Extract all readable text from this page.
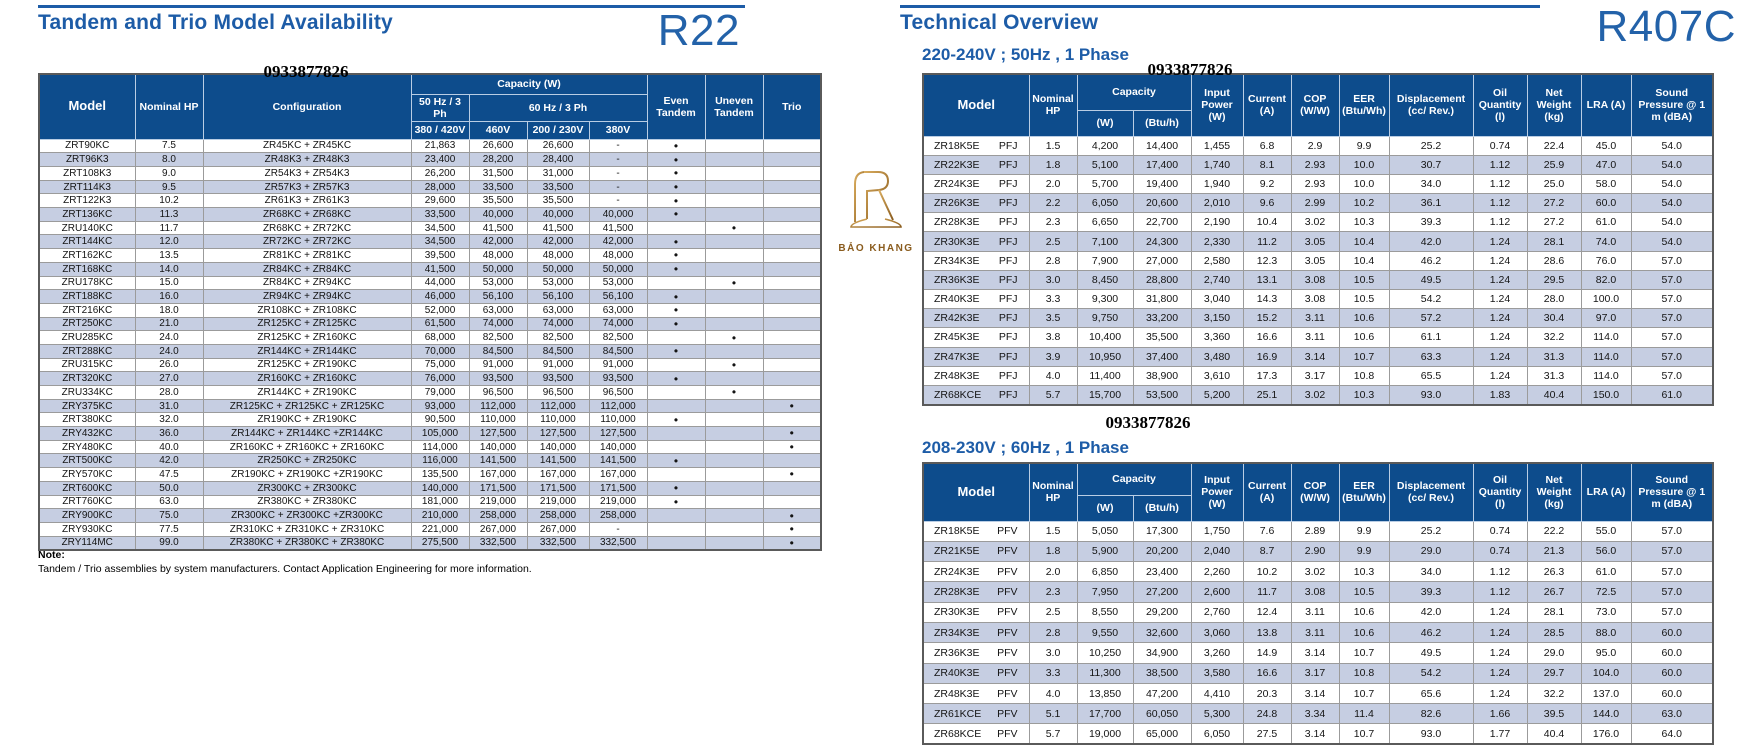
Tandem and Trio Model Availability	R22	Technical Overview	R407C
220-240V ; 50Hz , 1 Phase
208-230V ; 60Hz , 1 Phase
0933877826	0933877826
0933877826
Model	Nominal HP	Configuration	Capacity (W)				Even Tandem	Uneven Tandem	Trio
			50 Hz / 3 Ph	60 Hz / 3 Ph					
			380 / 420V	460V	200 / 230V	380V			
ZRT90KC	7.5	ZR45KC + ZR45KC	21,863	26,600	26,600	-	•		
ZRT96K3	8.0	ZR48K3 + ZR48K3	23,400	28,200	28,400	-	•		
ZRT108K3	9.0	ZR54K3 + ZR54K3	26,200	31,500	31,000	-	•		
ZRT114K3	9.5	ZR57K3 + ZR57K3	28,000	33,500	33,500	-	•		
ZRT122K3	10.2	ZR61K3 + ZR61K3	29,600	35,500	35,500	-	•		
ZRT136KC	11.3	ZR68KC + ZR68KC	33,500	40,000	40,000	40,000	•		
ZRU140KC	11.7	ZR68KC + ZR72KC	34,500	41,500	41,500	41,500		•	
ZRT144KC	12.0	ZR72KC + ZR72KC	34,500	42,000	42,000	42,000	•		
ZRT162KC	13.5	ZR81KC + ZR81KC	39,500	48,000	48,000	48,000	•		
ZRT168KC	14.0	ZR84KC + ZR84KC	41,500	50,000	50,000	50,000	•		
ZRU178KC	15.0	ZR84KC + ZR94KC	44,000	53,000	53,000	53,000		•	
ZRT188KC	16.0	ZR94KC + ZR94KC	46,000	56,100	56,100	56,100	•		
ZRT216KC	18.0	ZR108KC + ZR108KC	52,000	63,000	63,000	63,000	•		
ZRT250KC	21.0	ZR125KC + ZR125KC	61,500	74,000	74,000	74,000	•		
ZRU285KC	24.0	ZR125KC + ZR160KC	68,000	82,500	82,500	82,500		•	
ZRT288KC	24.0	ZR144KC + ZR144KC	70,000	84,500	84,500	84,500	•		
ZRU315KC	26.0	ZR125KC + ZR190KC	75,000	91,000	91,000	91,000		•	
ZRT320KC	27.0	ZR160KC + ZR160KC	76,000	93,500	93,500	93,500	•		
ZRU334KC	28.0	ZR144KC + ZR190KC	79,000	96,500	96,500	96,500		•	
ZRY375KC	31.0	ZR125KC + ZR125KC + ZR125KC	93,000	112,000	112,000	112,000			•
ZRT380KC	32.0	ZR190KC + ZR190KC	90,500	110,000	110,000	110,000	•		
ZRY432KC	36.0	ZR144KC + ZR144KC +ZR144KC	105,000	127,500	127,500	127,500			•
ZRY480KC	40.0	ZR160KC + ZR160KC + ZR160KC	114,000	140,000	140,000	140,000			•
ZRT500KC	42.0	ZR250KC + ZR250KC	116,000	141,500	141,500	141,500	•		
ZRY570KC	47.5	ZR190KC + ZR190KC +ZR190KC	135,500	167,000	167,000	167,000			•
ZRT600KC	50.0	ZR300KC + ZR300KC	140,000	171,500	171,500	171,500	•		
ZRT760KC	63.0	ZR380KC + ZR380KC	181,000	219,000	219,000	219,000	•		
ZRY900KC	75.0	ZR300KC + ZR300KC +ZR300KC	210,000	258,000	258,000	258,000			•
ZRY930KC	77.5	ZR310KC + ZR310KC + ZR310KC	221,000	267,000	267,000	-			•
ZRY114MC	99.0	ZR380KC + ZR380KC + ZR380KC	275,500	332,500	332,500	332,500			•
Model	Nominal HP	Capacity		Input Power (W)	Current (A)	COP (W/W)	EER (Btu/Wh)	Displacement (cc/ Rev.)	Oil Quantity (l)	Net Weight (kg)	LRA (A)	Sound Pressure @ 1 m (dBA)
		(W)	(Btu/h)									

ZR18K5E PFJ	1.5	4,200	14,400	1,455	6.8	2.9	9.9	25.2	0.74	22.4	45.0	54.0

ZR22K3E PFJ	1.8	5,100	17,400	1,740	8.1	2.93	10.0	30.7	1.12	25.9	47.0	54.0

ZR24K3E PFJ	2.0	5,700	19,400	1,940	9.2	2.93	10.0	34.0	1.12	25.0	58.0	54.0

ZR26K3E PFJ	2.2	6,050	20,600	2,010	9.6	2.99	10.2	36.1	1.12	27.2	60.0	54.0

ZR28K3E PFJ	2.3	6,650	22,700	2,190	10.4	3.02	10.3	39.3	1.12	27.2	61.0	54.0

ZR30K3E PFJ	2.5	7,100	24,300	2,330	11.2	3.05	10.4	42.0	1.24	28.1	74.0	54.0

ZR34K3E PFJ	2.8	7,900	27,000	2,580	12.3	3.05	10.4	46.2	1.24	28.6	76.0	57.0

ZR36K3E PFJ	3.0	8,450	28,800	2,740	13.1	3.08	10.5	49.5	1.24	29.5	82.0	57.0

ZR40K3E PFJ	3.3	9,300	31,800	3,040	14.3	3.08	10.5	54.2	1.24	28.0	100.0	57.0

ZR42K3E PFJ	3.5	9,750	33,200	3,150	15.2	3.11	10.6	57.2	1.24	30.4	97.0	57.0

ZR45K3E PFJ	3.8	10,400	35,500	3,360	16.6	3.11	10.6	61.1	1.24	32.2	114.0	57.0

ZR47K3E PFJ	3.9	10,950	37,400	3,480	16.9	3.14	10.7	63.3	1.24	31.3	114.0	57.0

ZR48K3E PFJ	4.0	11,400	38,900	3,610	17.3	3.17	10.8	65.5	1.24	31.3	114.0	57.0

ZR68KCE PFJ	5.7	15,700	53,500	5,200	25.1	3.02	10.3	93.0	1.83	40.4	150.0	61.0
Model	Nominal HP	Capacity		Input Power (W)	Current (A)	COP (W/W)	EER (Btu/Wh)	Displacement (cc/ Rev.)	Oil Quantity (l)	Net Weight (kg)	LRA (A)	Sound Pressure @ 1 m (dBA)
		(W)	(Btu/h)									

ZR18K5E PFV	1.5	5,050	17,300	1,750	7.6	2.89	9.9	25.2	0.74	22.2	55.0	57.0

ZR21K5E PFV	1.8	5,900	20,200	2,040	8.7	2.90	9.9	29.0	0.74	21.3	56.0	57.0

ZR24K3E PFV	2.0	6,850	23,400	2,260	10.2	3.02	10.3	34.0	1.12	26.3	61.0	57.0

ZR28K3E PFV	2.3	7,950	27,200	2,600	11.7	3.08	10.5	39.3	1.12	26.7	72.5	57.0

ZR30K3E PFV	2.5	8,550	29,200	2,760	12.4	3.11	10.6	42.0	1.24	28.1	73.0	57.0

ZR34K3E PFV	2.8	9,550	32,600	3,060	13.8	3.11	10.6	46.2	1.24	28.5	88.0	60.0

ZR36K3E PFV	3.0	10,250	34,900	3,260	14.9	3.14	10.7	49.5	1.24	29.0	95.0	60.0

ZR40K3E PFV	3.3	11,300	38,500	3,580	16.6	3.17	10.8	54.2	1.24	29.7	104.0	60.0

ZR48K3E PFV	4.0	13,850	47,200	4,410	20.3	3.14	10.7	65.6	1.24	32.2	137.0	60.0

ZR61KCE PFV	5.1	17,700	60,050	5,300	24.8	3.34	11.4	82.6	1.66	39.5	144.0	63.0

ZR68KCE PFV	5.7	19,000	65,000	6,050	27.5	3.14	10.7	93.0	1.77	40.4	176.0	64.0
Note:
Tandem / Trio assemblies by system manufacturers. Contact Application Engineering for more information.
BẢO KHANG
